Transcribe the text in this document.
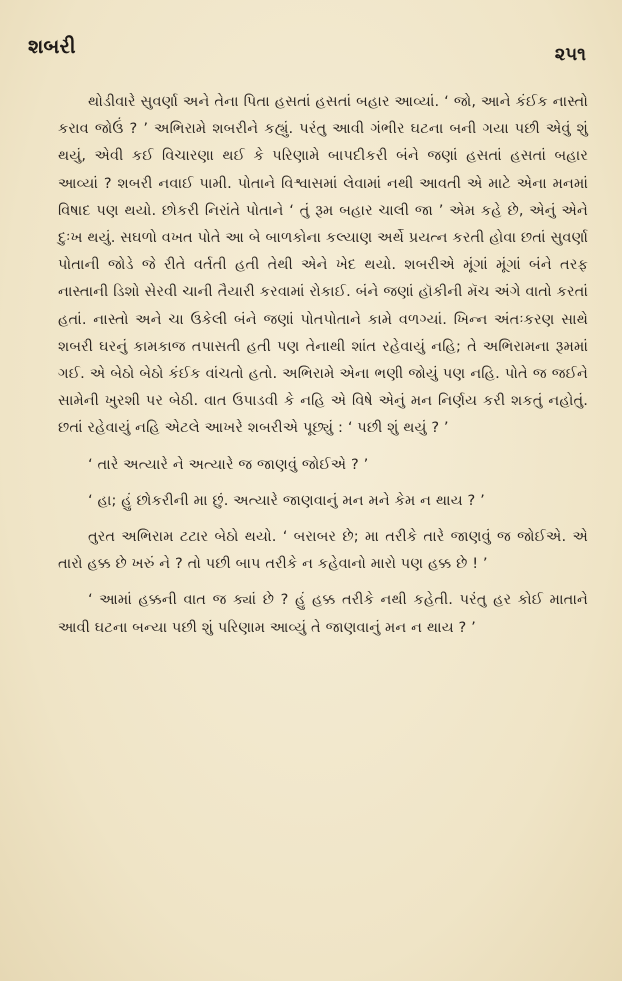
શબરી	૨૫૧

થોડીવારે સુવર્ણા અને તેના પિતા હસતાં હસતાં બહાર આવ્યાં. ‘ જો, આને કંઈક નાસ્તો કરાવ જોઉં ? ’ અભિરામે શબરીને કહ્યું. પરંતુ આવી ગંભીર ઘટના બની ગયા પછી એવું શું થયું, એવી કઈ વિચારણા થઈ કે પરિણામે બાપદીકરી બંને જણાં હસતાં હસતાં બહાર આવ્યાં ? શબરી નવાઈ પામી. પોતાને વિશ્વાસમાં લેવામાં નથી આવતી એ માટે એના મનમાં વિષાદ પણ થયો. છોકરી નિરાંતે પોતાને ‘ તું રૂમ બહાર ચાલી જા ’ એમ કહે છે, એનું એને દુઃખ થયું. સઘળો વખત પોતે આ બે બાળકોના કલ્યાણ અર્થે પ્રયત્ન કરતી હોવા છતાં સુવર્ણા પોતાની જોડે જે રીતે વર્તતી હતી તેથી એને ખેદ થયો. શબરીએ મૂંગાં મૂંગાં બંને તરફ નાસ્તાની ડિશો સેરવી ચાની તૈયારી કરવામાં રોકાઈ. બંને જણાં હૉકીની મૅચ અંગે વાતો કરતાં હતાં. નાસ્તો અને ચા ઉકેલી બંને જણાં પોતપોતાને કામે વળગ્યાં. ખિન્ન અંતઃકરણ સાથે શબરી ઘરનું કામકાજ તપાસતી હતી પણ તેનાથી શાંત રહેવાયું નહિ; તે અભિરામના રૂમમાં ગઈ. એ બેઠો બેઠો કંઈક વાંચતો હતો. અભિરામે એના ભણી જોયું પણ નહિ. પોતે જ જઈને સામેની ખુરશી પર બેઠી. વાત ઉપાડવી કે નહિ એ વિષે એનું મન નિર્ણય કરી શકતું નહોતું. છતાં રહેવાયું નહિ એટલે આખરે શબરીએ પૂછ્યું : ‘ પછી શું થયું ? ’

‘ તારે અત્યારે ને અત્યારે જ જાણવું જોઈએ ? ’

‘ હા; હું છોકરીની મા છું. અત્યારે જાણવાનું મન મને કેમ ન થાય ? ’

તુરત અભિરામ ટટાર બેઠો થયો. ‘ બરાબર છે; મા તરીકે તારે જાણવું જ જોઈએ. એ તારો હક્ક છે ખરું ને ? તો પછી બાપ તરીકે ન કહેવાનો મારો પણ હક્ક છે ! ’

‘ આમાં હક્કની વાત જ ક્યાં છે ? હું હક્ક તરીકે નથી કહેતી. પરંતુ હર કોઈ માતાને આવી ઘટના બન્યા પછી શું પરિણામ આવ્યું તે જાણવાનું મન ન થાય ? ’
